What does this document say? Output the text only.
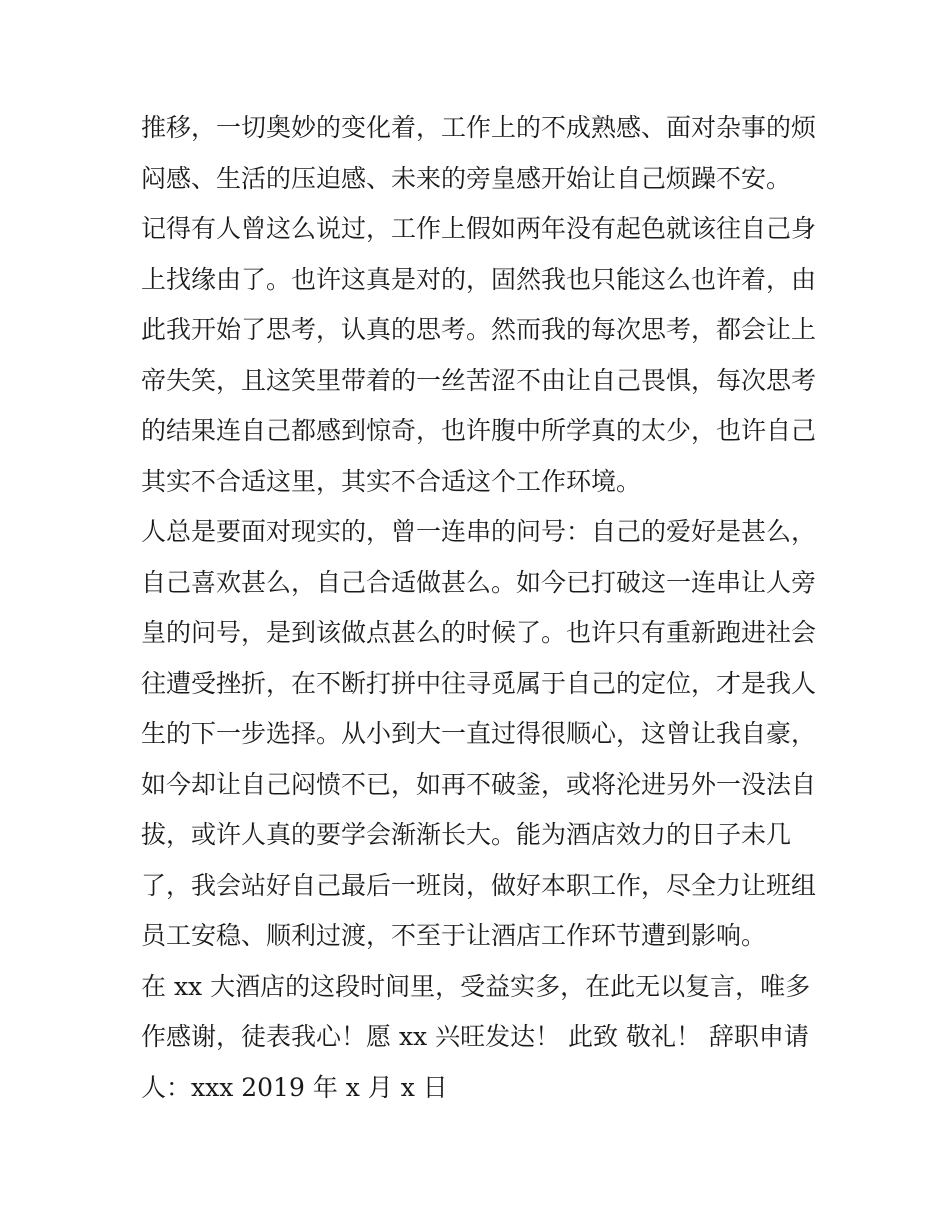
推移，一切奥妙的变化着，工作上的不成熟感、面对杂事的烦
闷感、生活的压迫感、未来的旁皇感开始让自己烦躁不安。
记得有人曾这么说过，工作上假如两年没有起色就该往自己身
上找缘由了。也许这真是对的，固然我也只能这么也许着，由
此我开始了思考，认真的思考。然而我的每次思考，都会让上
帝失笑，且这笑里带着的一丝苦涩不由让自己畏惧，每次思考
的结果连自己都感到惊奇，也许腹中所学真的太少，也许自己
其实不合适这里，其实不合适这个工作环境。
人总是要面对现实的，曾一连串的问号：自己的爱好是甚么，
自己喜欢甚么，自己合适做甚么。如今已打破这一连串让人旁
皇的问号，是到该做点甚么的时候了。也许只有重新跑进社会
往遭受挫折，在不断打拼中往寻觅属于自己的定位，才是我人
生的下一步选择。从小到大一直过得很顺心，这曾让我自豪，
如今却让自己闷愤不已，如再不破釜，或将沦进另外一没法自
拔，或许人真的要学会渐渐长大。能为酒店效力的日子未几
了，我会站好自己最后一班岗，做好本职工作，尽全力让班组
员工安稳、顺利过渡，不至于让酒店工作环节遭到影响。
在 xx 大酒店的这段时间里，受益实多，在此无以复言，唯多
作感谢，徒表我心！愿 xx 兴旺发达！ 此致 敬礼！ 辞职申请
人：xxx 2019 年 x 月 x 日
